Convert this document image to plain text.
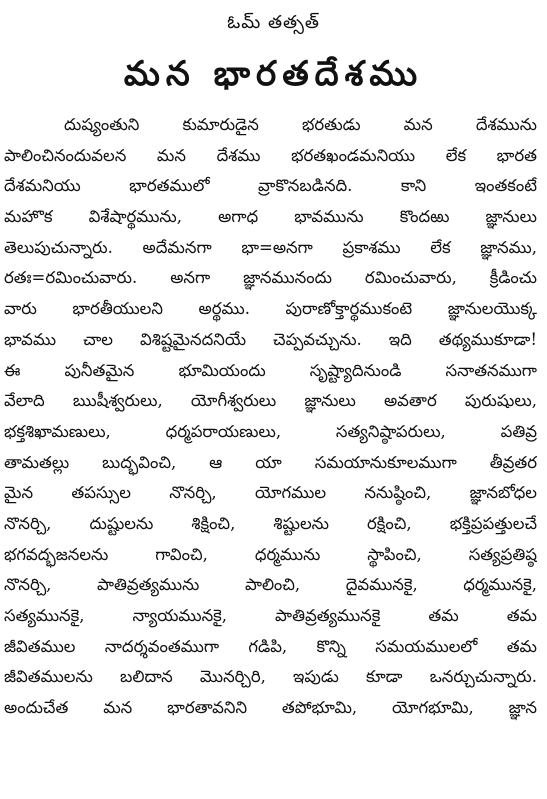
ఓమ్ తత్సత్
మన భారతదేశము
దుష్యంతుని కుమారుడైన భరతుడు మన దేశమును
పాలించినందువలన మన దేశము భరతఖండమనియు లేక భారత
దేశమనియు భారతములో వ్రాకొనబడినది. కాని ఇంతకంటే
మహొక విశేషార్థమును, అగాధ భావమును కొందఱు జ్ఞానులు
తెలుపుచున్నారు. అదేమనగా భా=అనగా ప్రకాశము లేక జ్ఞానము,
రతః=రమించువారు. అనగా జ్ఞానమునందు రమించువారు, క్రీడించు
వారు భారతీయులని అర్థము. పురాణోక్తార్థముకంటె జ్ఞానులయొక్క
భావము చాల విశిష్టమైనదనియే చెప్పవచ్చును. ఇది తథ్యముకూడా!
ఈ పునీతమైన భూమియందు సృష్ట్యాదినుండి సనాతనముగా
వేలాది ఋషీశ్వరులు, యోగీశ్వరులు జ్ఞానులు అవతార పురుషులు,
భక్తశిఖామణులు, ధర్మపరాయణులు, సత్యనిష్ఠాపరులు, పతివ్ర
తామతల్లు బుద్భవించి, ఆ యా సమయానుకూలముగా తీవ్రతర
మైన తపస్సుల నొనర్చి, యోగముల ననుష్ఠించి, జ్ఞానబోధల
నొనర్చి, దుష్టులను శిక్షించి, శిష్టులను రక్షించి, భక్తిప్రపత్తులచే
భగవద్భజనలను గావించి, ధర్మమును స్థాపించి, సత్యప్రతిష్ఠ
నొనర్చి, పాతివ్రత్యమును పాలించి, దైవమునకై, ధర్మమునకై,
సత్యమునకై, న్యాయమునకై, పాతివ్రత్యమునకై తమ తమ
జీవితముల నాదర్శవంతముగా గడిపి, కొన్ని సమయములలో తమ
జీవితములను బలిదాన మొనర్చిరి, ఇపుడు కూడా ఒనర్చుచున్నారు.
అందుచేత మన భారతావనిని తపోభూమి, యోగభూమి, జ్ఞాన
